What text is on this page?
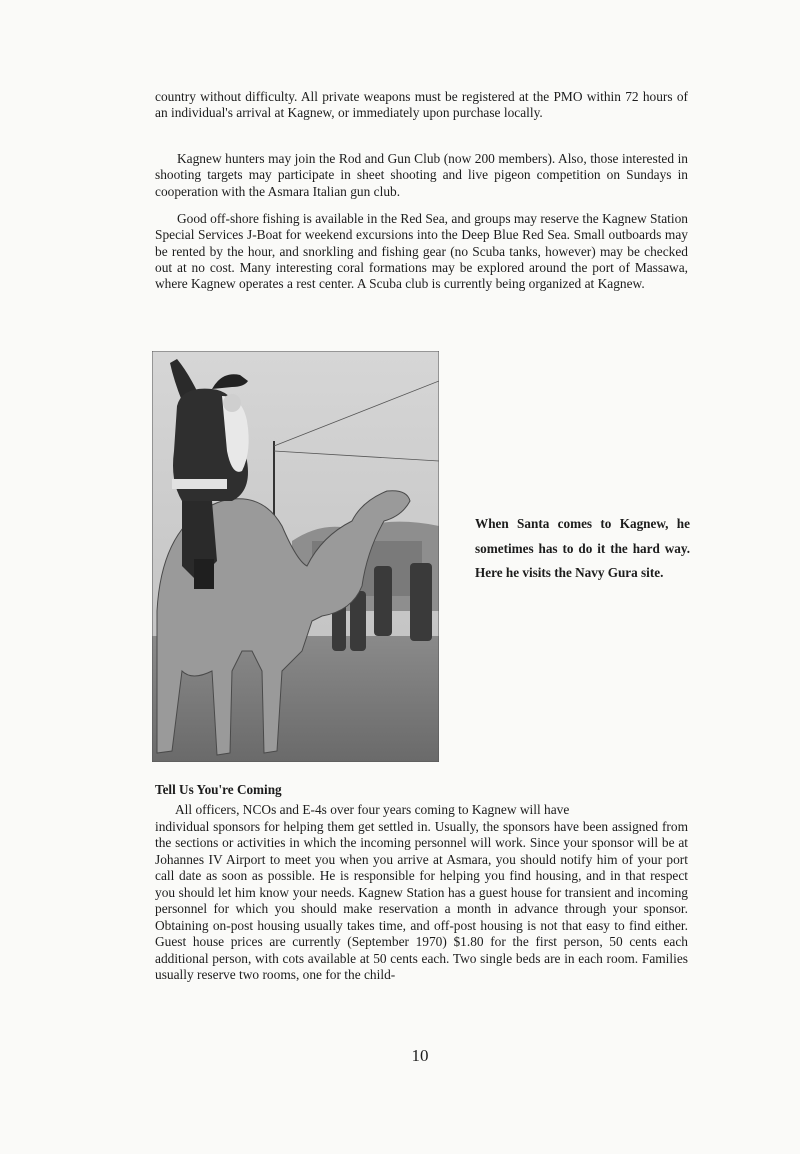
country without difficulty. All private weapons must be registered at the PMO within 72 hours of an individual's arrival at Kagnew, or immediately upon purchase locally.

Kagnew hunters may join the Rod and Gun Club (now 200 members). Also, those interested in shooting targets may participate in sheet shooting and live pigeon competition on Sundays in cooperation with the Asmara Italian gun club.

Good off-shore fishing is available in the Red Sea, and groups may reserve the Kagnew Station Special Services J-Boat for weekend excursions into the Deep Blue Red Sea. Small outboards may be rented by the hour, and snorkling and fishing gear (no Scuba tanks, however) may be checked out at no cost. Many interesting coral formations may be explored around the port of Massawa, where Kagnew operates a rest center. A Scuba club is currently being organized at Kagnew.

When Santa comes to Kagnew, he sometimes has to do it the hard way. Here he visits the Navy Gura site.
Tell Us You're Coming

All officers, NCOs and E-4s over four years coming to Kagnew will have
individual sponsors for helping them get settled in. Usually, the sponsors have been assigned from the sections or activities in which the incoming personnel will work. Since your sponsor will be at Johannes IV Airport to meet you when you arrive at Asmara, you should notify him of your port call date as soon as possible. He is responsible for helping you find housing, and in that respect you should let him know your needs. Kagnew Station has a guest house for transient and incoming personnel for which you should make reservation a month in advance through your sponsor. Obtaining on-post housing usually takes time, and off-post housing is not that easy to find either. Guest house prices are currently (September 1970) $1.80 for the first person, 50 cents each additional person, with cots available at 50 cents each. Two single beds are in each room. Families usually reserve two rooms, one for the child-

10
